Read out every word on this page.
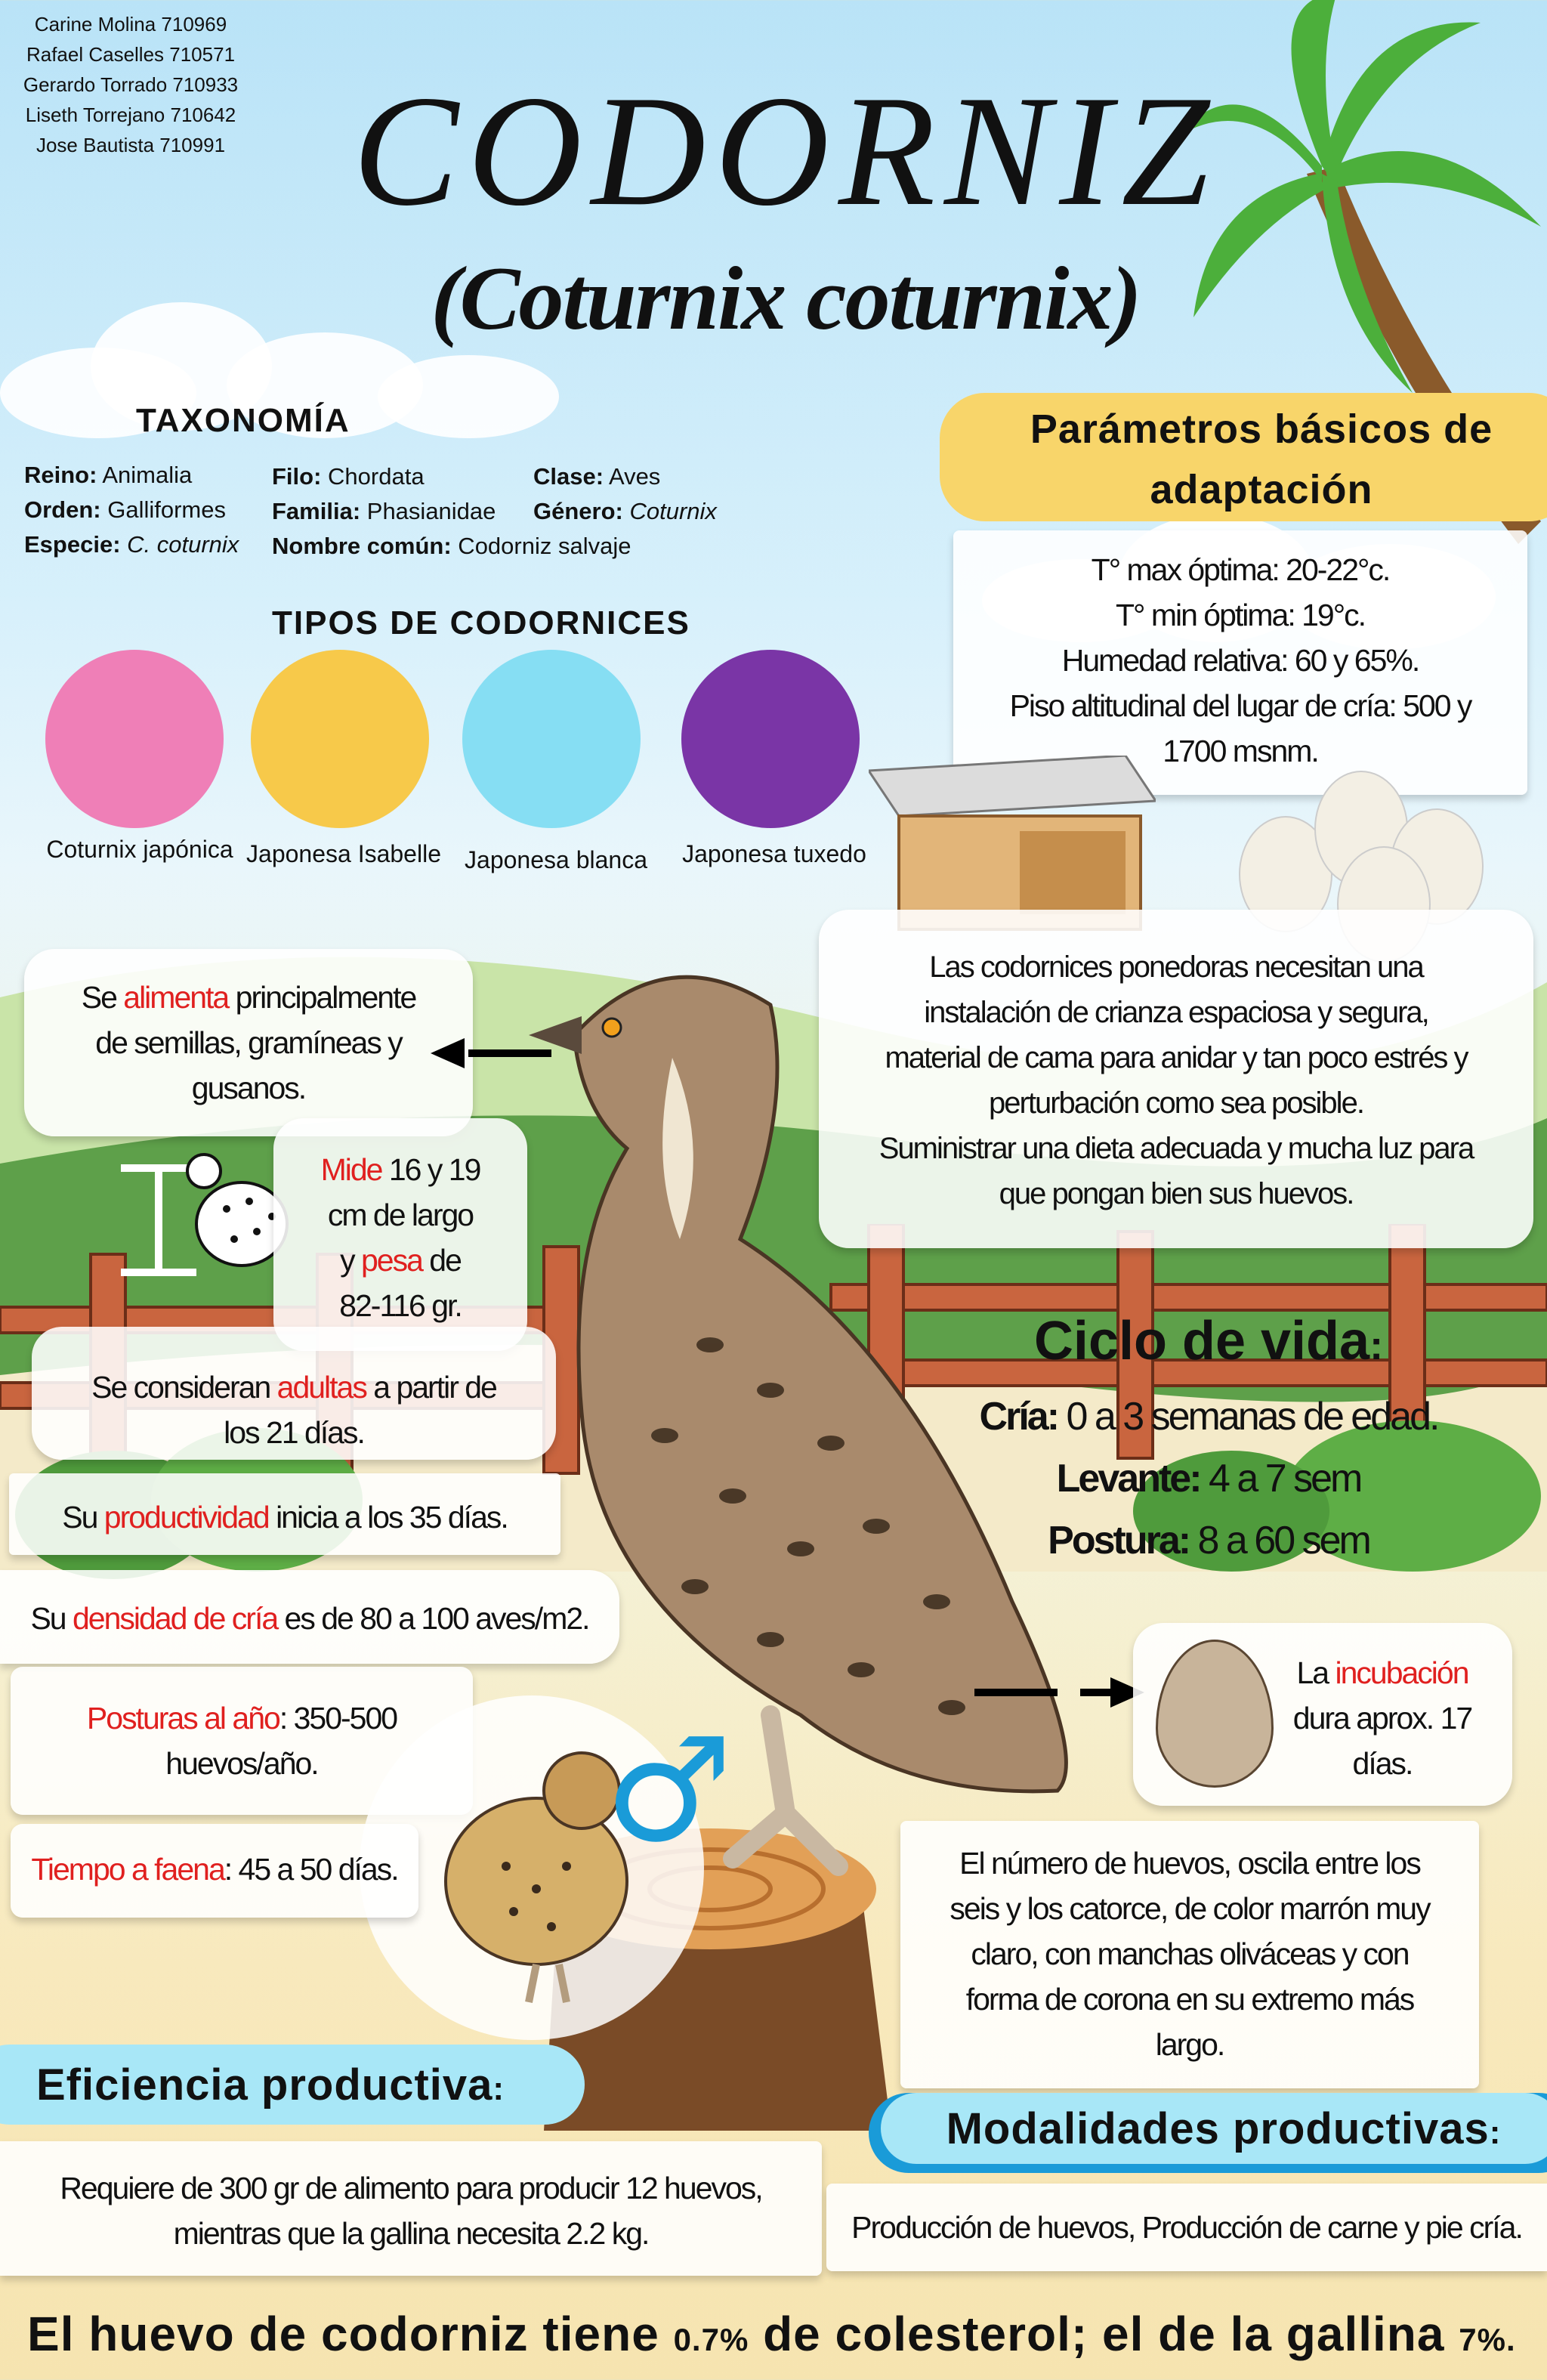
Carine Molina 710969
Rafael Caselles 710571
Gerardo Torrado 710933
Liseth Torrejano 710642
Jose Bautista 710991 CODORNIZ
(Coturnix coturnix)
TAXONOMÍA
Reino: Animalia
Orden: Galliformes
Especie: C. coturnix
Filo: Chordata
Familia: Phasianidae
Nombre común: Codorniz salvaje
Clase: Aves
Género: Coturnix
TIPOS DE CODORNICES
Coturnix japónica Japonesa Isabelle Japonesa blanca	Japonesa tuxedo
Parámetros básicos de
adaptación
T° max óptima: 20-22°c.
T° min óptima: 19°c.
Humedad relativa: 60 y 65%.
Piso altitudinal del lugar de cría: 500 y
1700 msnm.
Las codornices ponedoras necesitan una
instalación de crianza espaciosa y segura,
material de cama para anidar y tan poco estrés y
perturbación como sea posible.
Suministrar una dieta adecuada y mucha luz para
que pongan bien sus huevos.
Se alimenta principalmente
de semillas, gramíneas y
gusanos.
Mide 16 y 19
cm de largo
y pesa de
82-116 gr.
Se consideran adultas a partir de
los 21 días.
Su productividad inicia a los 35 días.
Su densidad de cría es de 80 a 100 aves/m2.
Posturas al año: 350-500
huevos/año.	♂
Tiempo a faena: 45 a 50 días.
Ciclo de vida:
Cría: 0 a 3 semanas de edad.
Levante: 4 a 7 sem
Postura: 8 a 60 sem
La incubación
dura aprox. 17
días.
El número de huevos, oscila entre los
seis y los catorce, de color marrón muy
claro, con manchas oliváceas y con
forma de corona en su extremo más
largo.
Eficiencia productiva:
Requiere de 300 gr de alimento para producir 12 huevos,
mientras que la gallina necesita 2.2 kg.
Modalidades productivas:
Producción de huevos, Producción de carne y pie cría.
El huevo de codorniz tiene 0.7% de colesterol; el de la gallina 7%.
